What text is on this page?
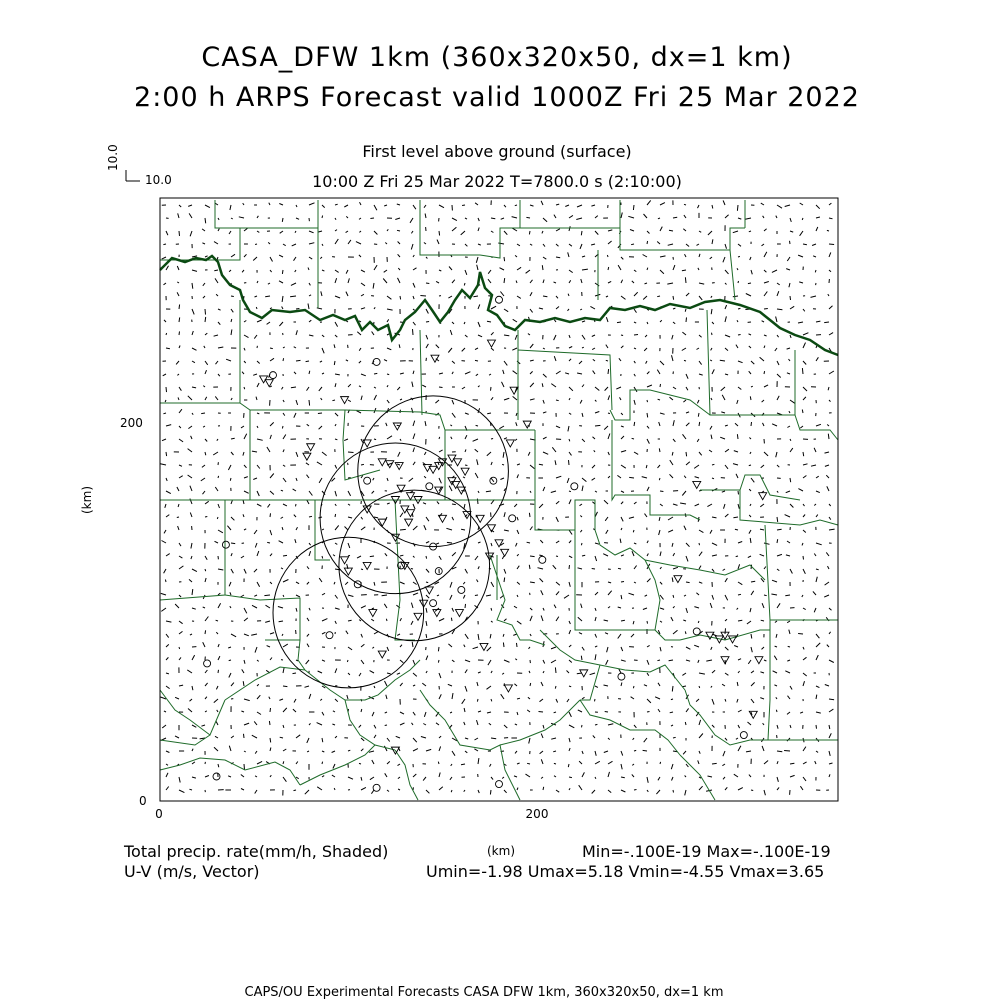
CASA_DFW 1km (360x320x50, dx=1 km)
2:00 h ARPS Forecast valid 1000Z Fri 25 Mar 2022
First level above ground (surface)
10:00 Z Fri 25 Mar 2022 T=7800.0 s (2:10:00)
10.0
10.0
0	200
0
200
(km)
(km)
Total precip. rate(mm/h, Shaded)
U-V (m/s, Vector)
Min=-.100E-19 Max=-.100E-19
Umin=-1.98 Umax=5.18 Vmin=-4.55 Vmax=3.65
CAPS/OU Experimental Forecasts CASA DFW 1km, 360x320x50, dx=1 km
